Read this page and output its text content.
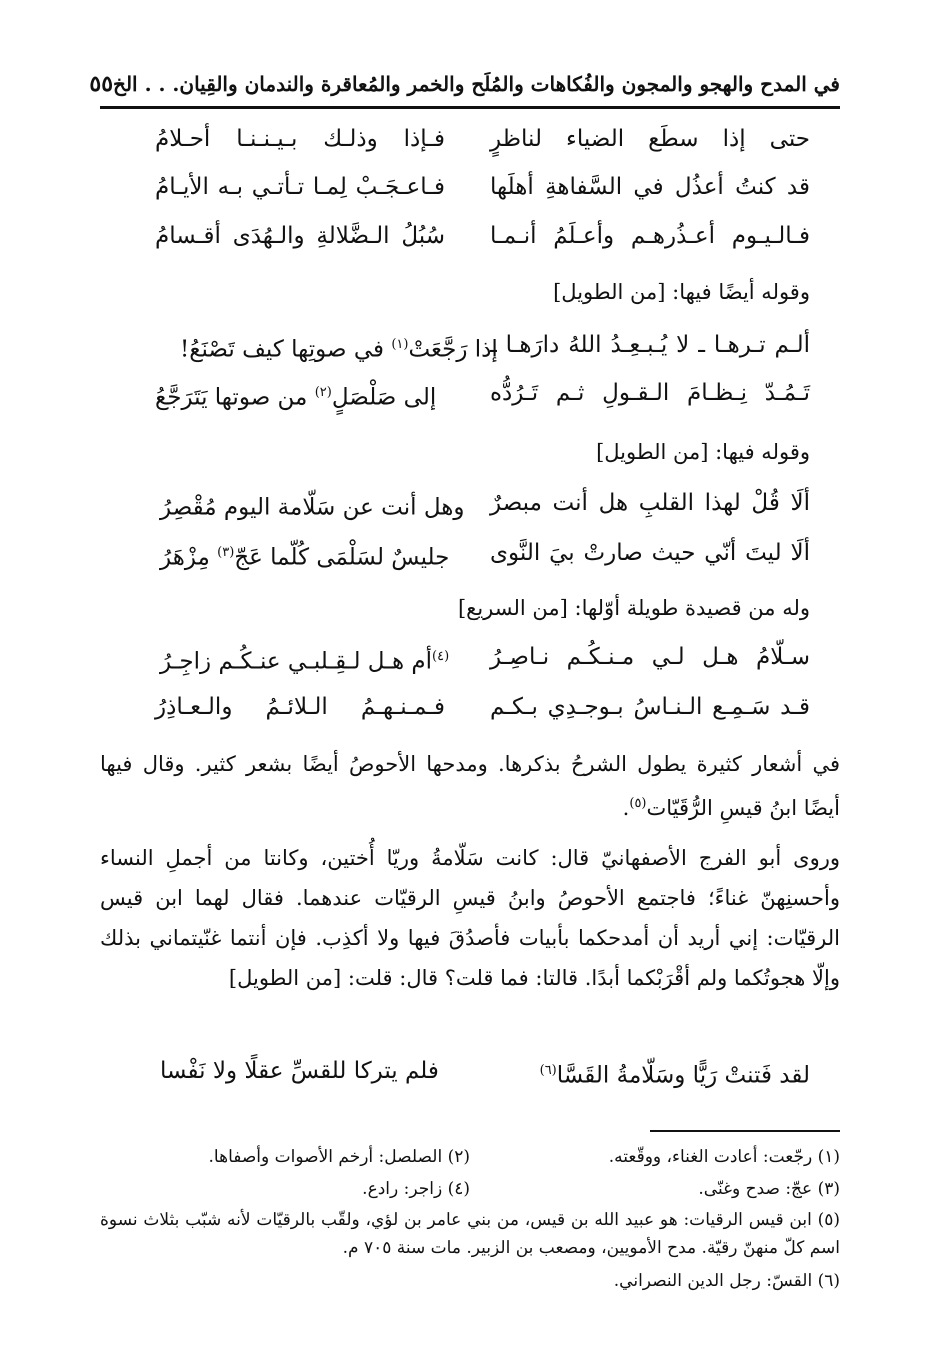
في المدح والهجو والمجون والفُكاهات والمُلَح والخمر والمُعاقرة والندمان والقِيان. . . الخ
٥٥
حتى إذا سطَع الضياء لناظرٍ
فـإذا وذلـك بـيـنـنـا أحـلامُ
قد كنتُ أعذُل في السَّفاهةِ أهلَها
فـاعـجَـبْ لِمـا تـأتـي بـه الأيـامُ
فـالـيـوم أعـذُرهـم وأعـلَمُ أنـمـا
سُبُلُ الـضَّلالةِ والـهُدَى أقـسامُ
وقوله أيضًا فيها: [من الطويل]
ألـم تـرهـا ـ لا يُـبـعِـدُ اللهُ دارَهـا ـ
إذا رَجَّعَتْ$^{(١)}$ في صوتِها كيف تَصْنَعُ!
تَـمُـدّ نِـظـامَ الـقـولِ ثـم تَـرُدُّه
إلى صَلْصَلٍ$^{(٢)}$ من صوتها يَتَرَجَّعُ
وقوله فيها: [من الطويل]
ألَا قُلْ لهذا القلبِ هل أنت مبصرٌ
وهل أنت عن سَلّامة اليوم مُقْصِرُ
ألَا ليتَ أنّي حيث صارتْ بيَ النَّوى
جليسٌ لسَلْمَى كُلّما عَجّ$^{(٣)}$ مِزْهَرُ
وله من قصيدة طويلة أوّلها: [من السريع]
سـلّامُ هـل لـي مـنـكُـم نـاصِـرُ
$^{(٤)}$أم هـل لـقِـلبـي عنـكُـم زاجِـرُ
قـد سَـمِـع الـنـاسُ بـوجـدِي بـكـم
فـمـنـهـمُ الـلائـمُ والـعـاذِرُ

في أشعار كثيرة يطول الشرحُ بذكرها. ومدحها الأحوصُ أيضًا بشعر كثير. وقال فيها أيضًا ابنُ قيسِ الرُّقَيّات$^{(٥)}$.

وروى أبو الفرج الأصفهانيّ قال: كانت سَلّامةُ وريّا أُختين، وكانتا من أجملِ النساء وأحسنِهنّ غناءً؛ فاجتمع الأحوصُ وابنُ قيسِ الرقيّات عندهما. فقال لهما ابن قيس الرقيّات: إني أريد أن أمدحكما بأبيات فأصدُقَ فيها ولا أكذِب. فإن أنتما غنّيتماني بذلك وإلّا هجوتُكما ولم أقْرَبْكما أبدًا. قالتا: فما قلت؟ قال: قلت: [من الطويل]

لقد فَتنتْ رَيًّا وسَلّامةُ القَسَّا$^{(٦)}$
فلم يتركا للقسِّ عقلًا ولا نَفْسا
(١) رجّعت: أعادت الغناء، ووقّعته.
(٢) الصلصل: أرخم الأصوات وأصفاها.
(٣) عجّ: صدح وغنّى.
(٤) زاجر: رادع.
(٥) ابن قيس الرقيات: هو عبيد الله بن قيس، من بني عامر بن لؤي، ولقّب بالرقيّات لأنه شبّب بثلاث نسوة اسم كلّ منهنّ رقيّة. مدح الأمويين، ومصعب بن الزبير. مات سنة ٧٠٥ م.
(٦) القسّ: رجل الدين النصراني.
